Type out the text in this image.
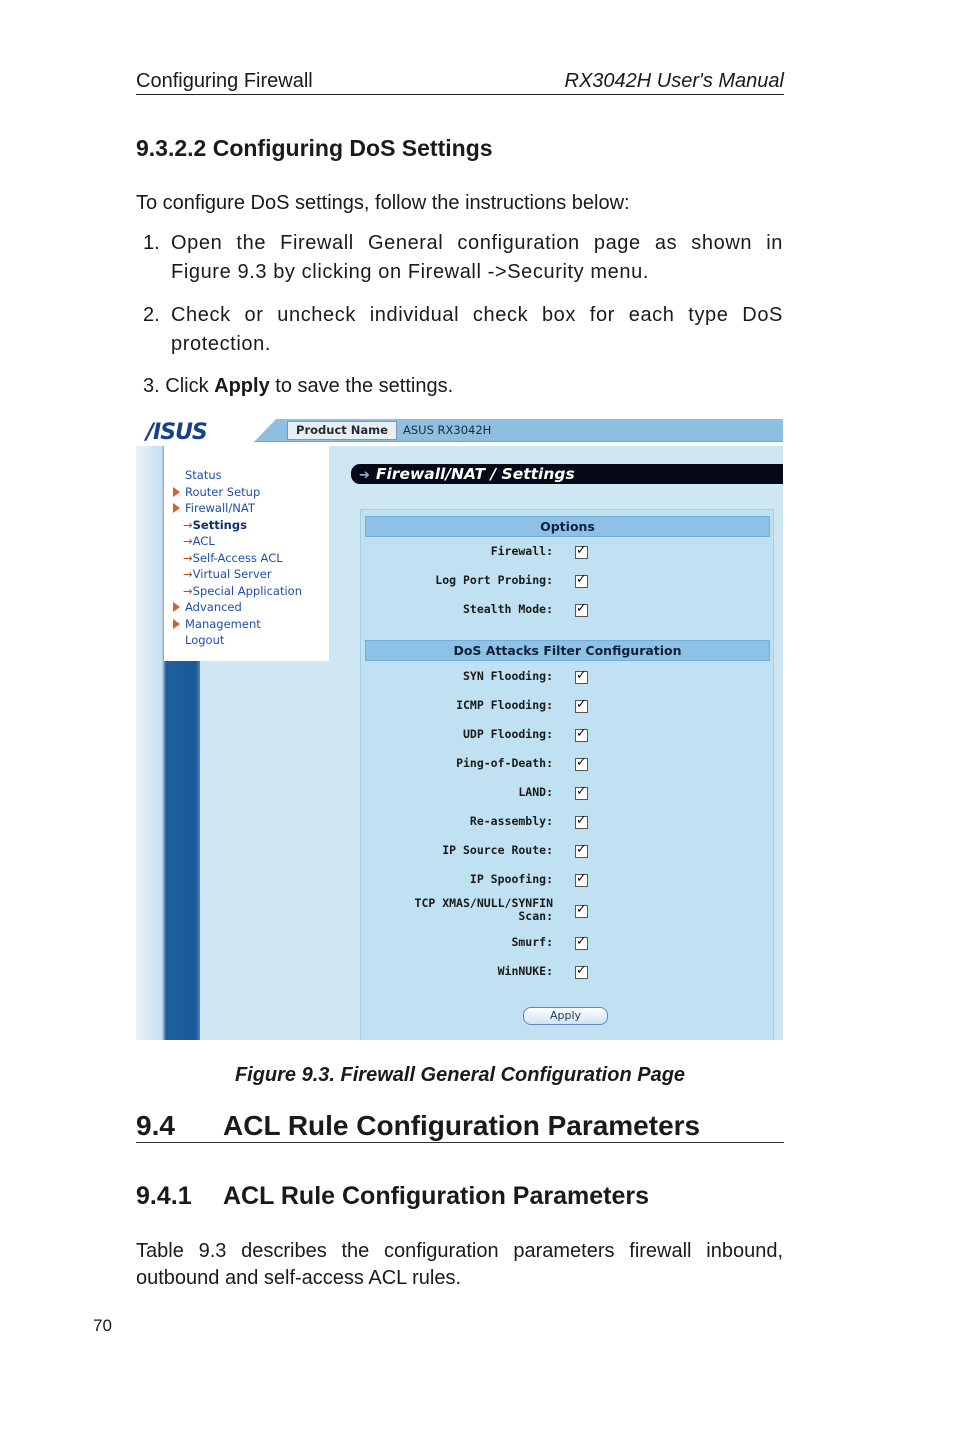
Configuring Firewall	RX3042H User's Manual
9.3.2.2 Configuring DoS Settings
To configure DoS settings, follow the instructions below:
1. Open the Firewall General configuration page as shown in Figure 9.3 by clicking on Firewall ->Security menu.
2. Check or uncheck individual check box for each type DoS protection.
3. Click Apply to save the settings.
/ISUS	Product Name	ASUS RX3042H
Status
Router Setup
Firewall/NAT
→Settings
→ACL
→Self-Access ACL
→Virtual Server
→Special Application
Advanced
Management
Logout
➔ Firewall/NAT / Settings
Options
Firewall:
✓
Log Port Probing:
✓
Stealth Mode:
✓
DoS Attacks Filter Configuration
SYN Flooding:
✓
ICMP Flooding:
✓
UDP Flooding:
✓
Ping-of-Death:
✓
LAND:
✓
Re-assembly:
✓
IP Source Route:
✓
IP Spoofing:
✓
TCP XMAS/NULL/SYNFIN
Scan:
✓
Smurf:
✓
WinNUKE:
✓
Apply
Figure 9.3. Firewall General Configuration Page
9.4 ACL Rule Configuration Parameters
9.4.1 ACL Rule Configuration Parameters
Table 9.3 describes the configuration parameters firewall inbound, outbound and self-access ACL rules.
70
